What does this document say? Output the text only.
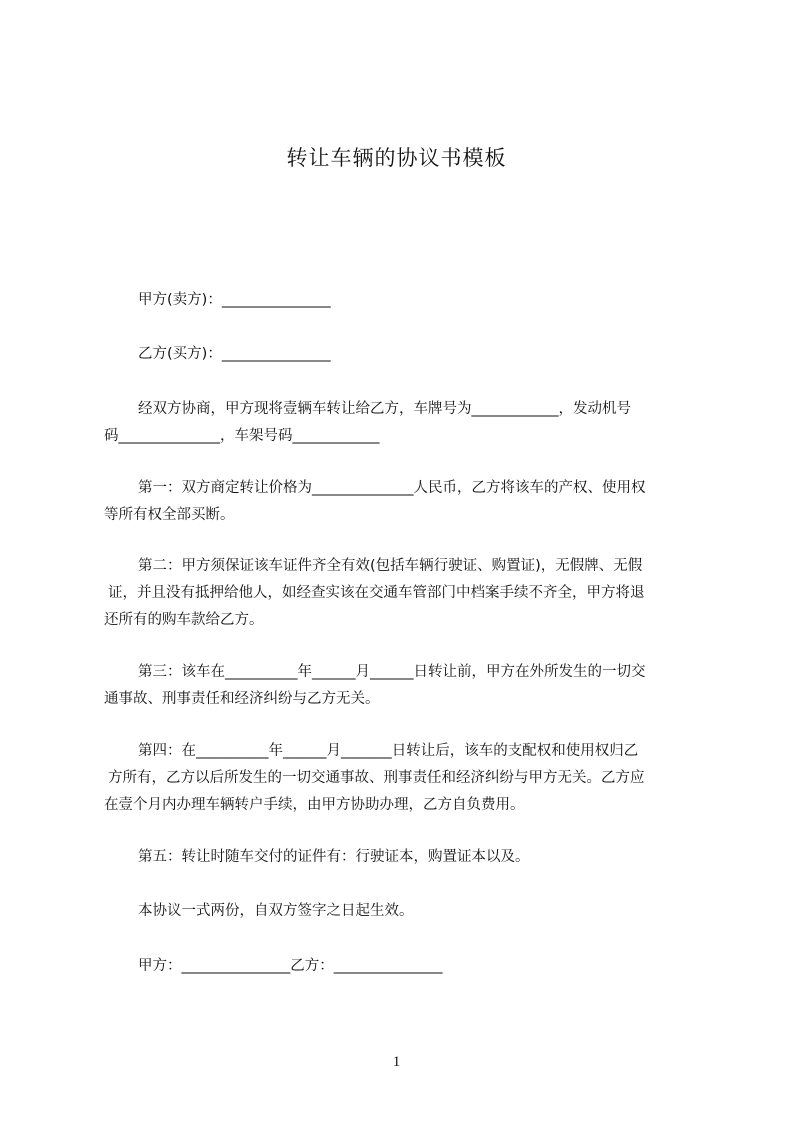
转让车辆的协议书模板
甲方(卖方)：_______________
乙方(买方)：_______________
经双方协商，甲方现将壹辆车转让给乙方，车牌号为____________，发动机号
码______________，车架号码____________
第一：双方商定转让价格为______________人民币，乙方将该车的产权、使用权
等所有权全部买断。
第二：甲方须保证该车证件齐全有效(包括车辆行驶证、购置证)，无假牌、无假
证，并且没有抵押给他人，如经查实该在交通车管部门中档案手续不齐全，甲方将退
还所有的购车款给乙方。
第三：该车在__________年______月______日转让前，甲方在外所发生的一切交
通事故、刑事责任和经济纠纷与乙方无关。
第四：在__________年______月_______日转让后，该车的支配权和使用权归乙
方所有，乙方以后所发生的一切交通事故、刑事责任和经济纠纷与甲方无关。乙方应
在壹个月内办理车辆转户手续，由甲方协助办理，乙方自负费用。
第五：转让时随车交付的证件有：行驶证本，购置证本以及。
本协议一式两份，自双方签字之日起生效。
甲方：_______________乙方：_______________
1
